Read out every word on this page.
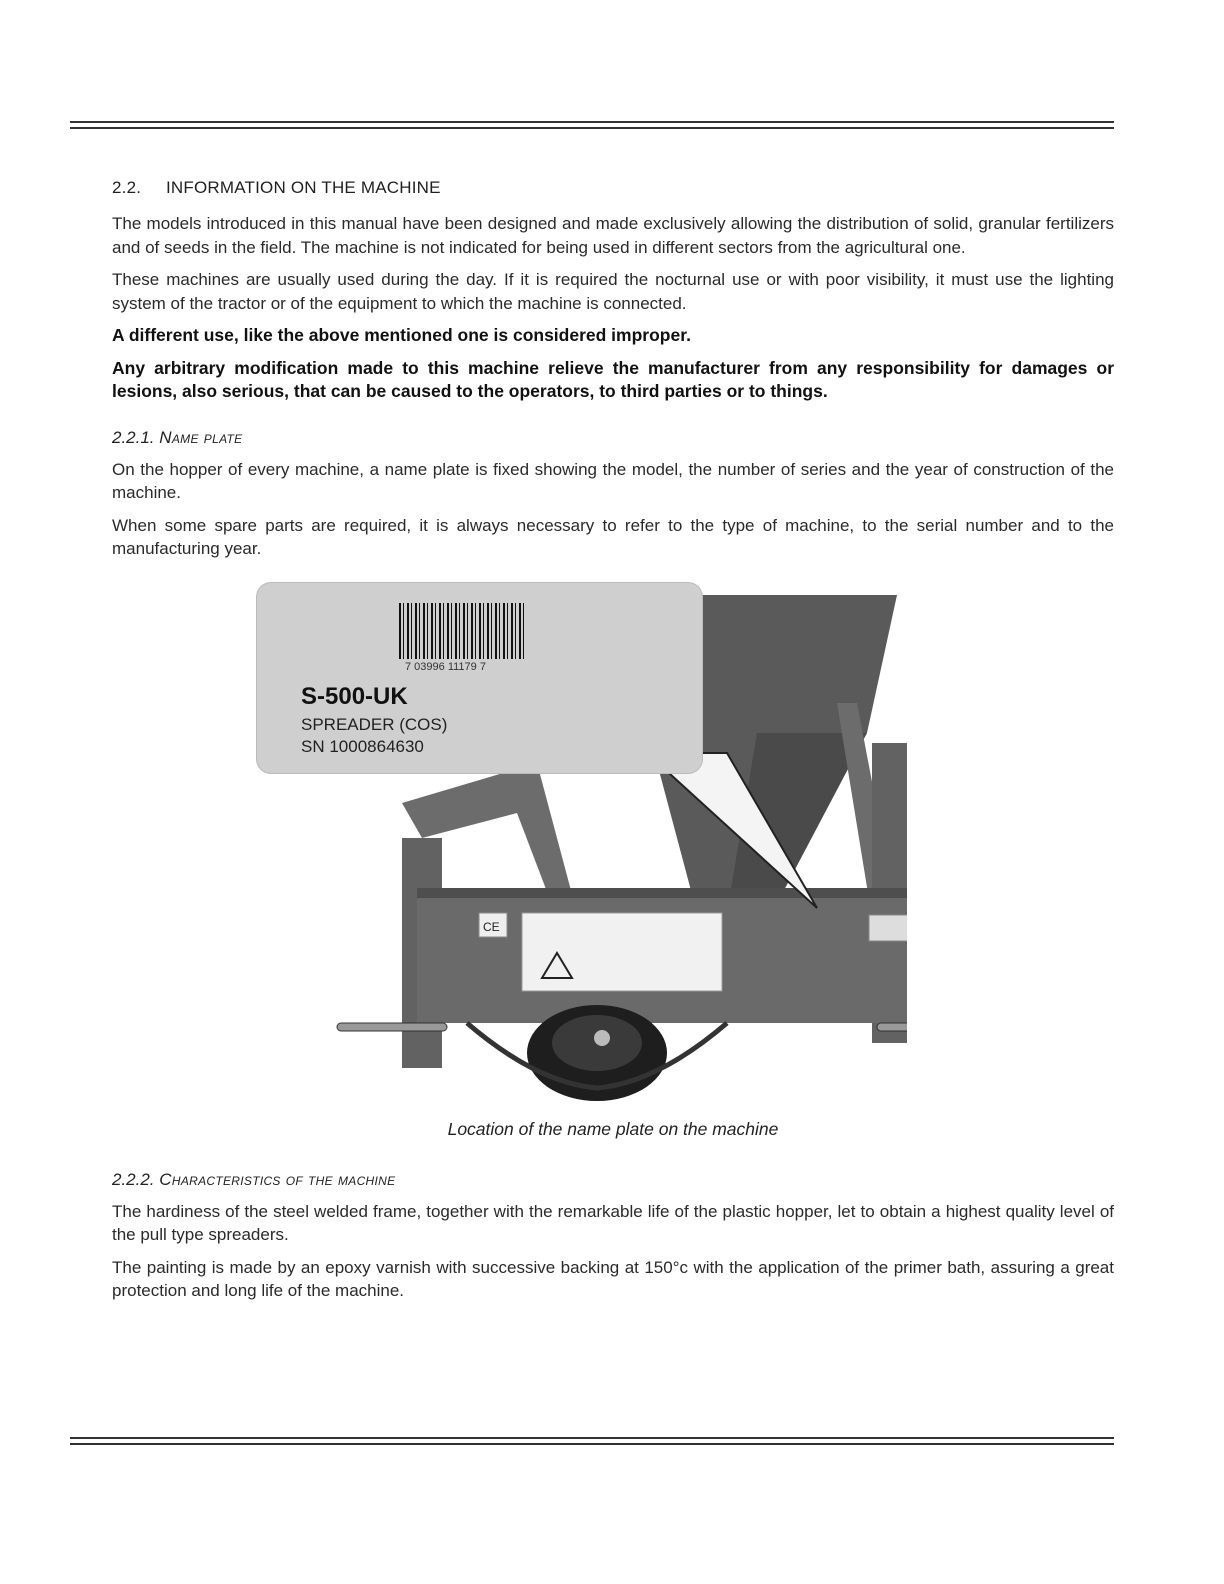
2.2. INFORMATION ON THE MACHINE

The models introduced in this manual have been designed and made exclusively allowing the distribution of solid, granular fertilizers and of seeds in the field. The machine is not indicated for being used in different sectors from the agricultural one.

These machines are usually used during the day. If it is required the nocturnal use or with poor visibility, it must use the lighting system of the tractor or of the equipment to which the machine is connected.

A different use, like the above mentioned one is considered improper.

Any arbitrary modification made to this machine relieve the manufacturer from any responsibility for damages or lesions, also serious, that can be caused to the operators, to third parties or to things.

2.2.1. Name plate

On the hopper of every machine, a name plate is fixed showing the model, the number of series and the year of construction of the machine.

When some spare parts are required, it is always necessary to refer to the type of machine, to the serial number and to the manufacturing year.

CE
7 03996 11179 7
S-500-UK
SPREADER (COS)
SN 1000864630
Location of the name plate on the machine
2.2.2. Characteristics of the machine

The hardiness of the steel welded frame, together with the remarkable life of the plastic hopper, let to obtain a highest quality level of the pull type spreaders.

The painting is made by an epoxy varnish with successive backing at 150°c with the application of the primer bath, assuring a great protection and long life of the machine.
